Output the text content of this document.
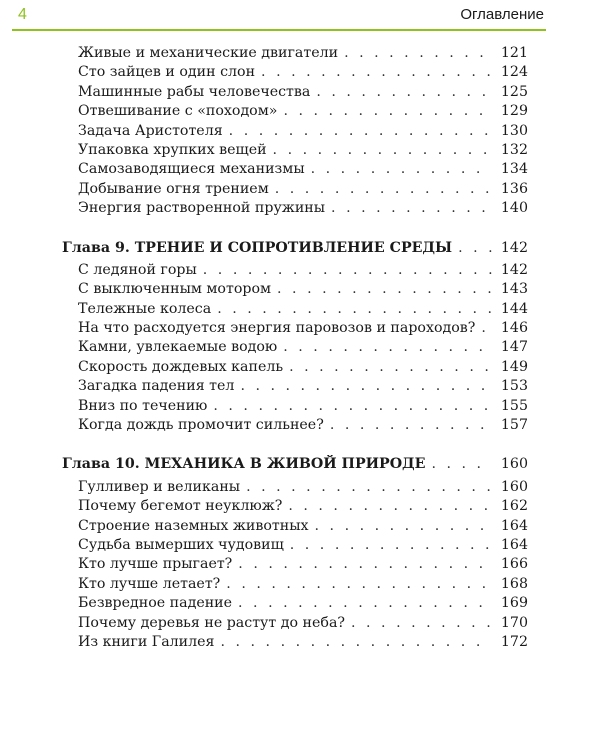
4	Оглавление
Живые и механические двигатели . . .	121
Сто зайцев и один слон . . .	124
Машинные рабы человечества . . .	125
Отвешивание с «походом» . . .	129
Задача Аристотеля . . .	130
Упаковка хрупких вещей . . .	132
Самозаводящиеся механизмы . . .	134
Добывание огня трением . . .	136
Энергия растворенной пружины . . .	140
Глава 9. ТРЕНИЕ И СОПРОТИВЛЕНИЕ СРЕДЫ . . .	142
С ледяной горы . . .	142
С выключенным мотором . . .	143
Тележные колеса . . .	144
На что расходуется энергия паровозов и пароходов? . . . 146
Камни, увлекаемые водою . . .	147
Скорость дождевых капель . . .	149
Загадка падения тел . . .	153
Вниз по течению . . .	155
Когда дождь промочит сильнее? . . .	157
Глава 10. МЕХАНИКА В ЖИВОЙ ПРИРОДЕ . . .	160
Гулливер и великаны . . .	160
Почему бегемот неуклюж? . . .	162
Строение наземных животных . . .	164
Судьба вымерших чудовищ . . .	164
Кто лучше прыгает? . . .	166
Кто лучше летает? . . .	168
Безвредное падение . . .	169
Почему деревья не растут до неба? . . .	170
Из книги Галилея . . .	172
